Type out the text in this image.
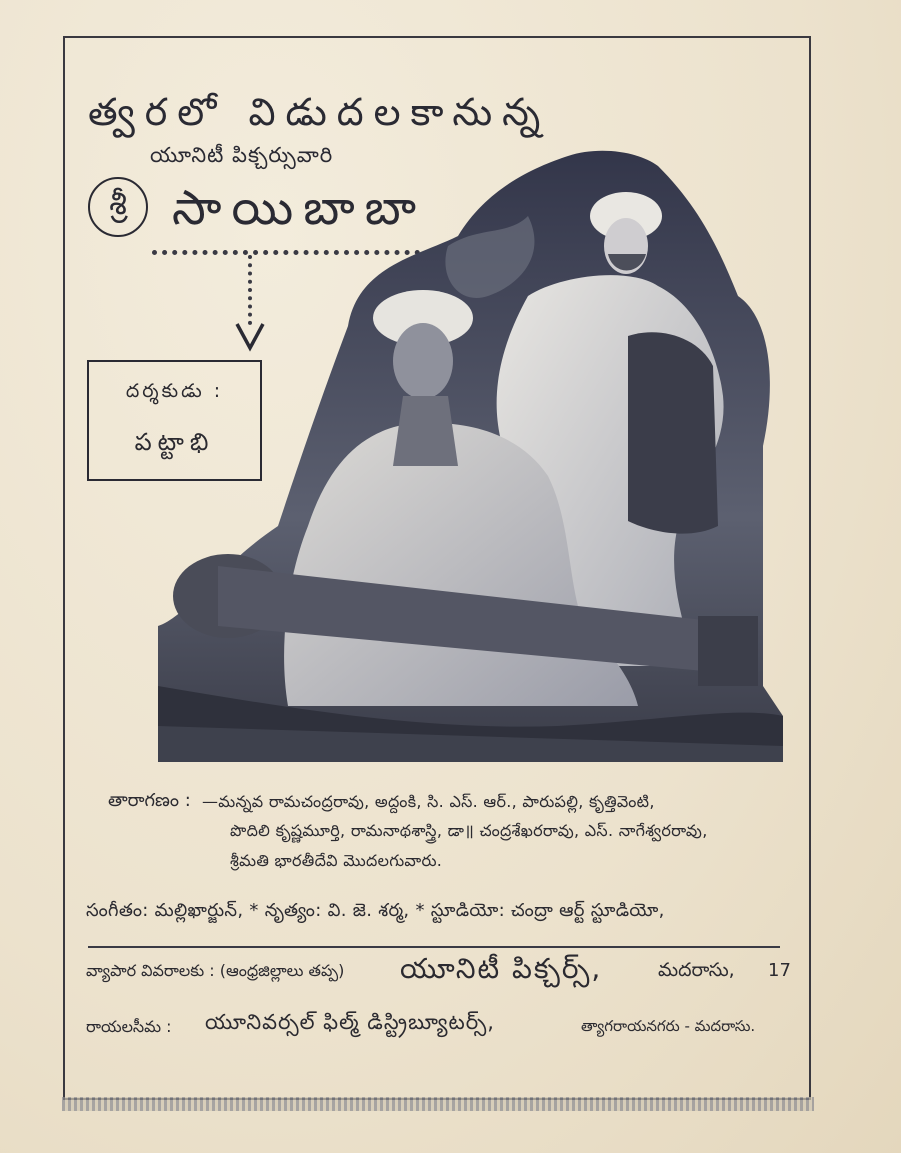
త్వరలో విడుదలకానున్న
యూనిటీ పిక్చర్సువారి
శ్రీ సాయిబాబా
దర్శకుడు :
పట్టాభి
తారాగణం : —మన్నవ రామచంద్రరావు, అద్దంకి, సి. ఎస్. ఆర్., పారుపల్లి, కృత్తివెంటి,
పొదిలి కృష్ణమూర్తి, రామనాథశాస్త్రి, డా॥ చంద్రశేఖరరావు, ఎస్. నాగేశ్వరరావు,
శ్రీమతి భారతీదేవి మొదలగువారు.
సంగీతం: మల్లిఖార్జున్, * నృత్యం: వి. జె. శర్మ, * స్టూడియో: చంద్రా ఆర్ట్ స్టూడియో,
వ్యాపార వివరాలకు : (ఆంధ్రజిల్లాలు తప్ప) యూనిటీ పిక్చర్స్,	మదరాసు, 17
రాయలసీమ : యూనివర్సల్ ఫిల్మ్ డిస్ట్రిబ్యూటర్స్,	త్యాగరాయనగరు - మదరాసు.
